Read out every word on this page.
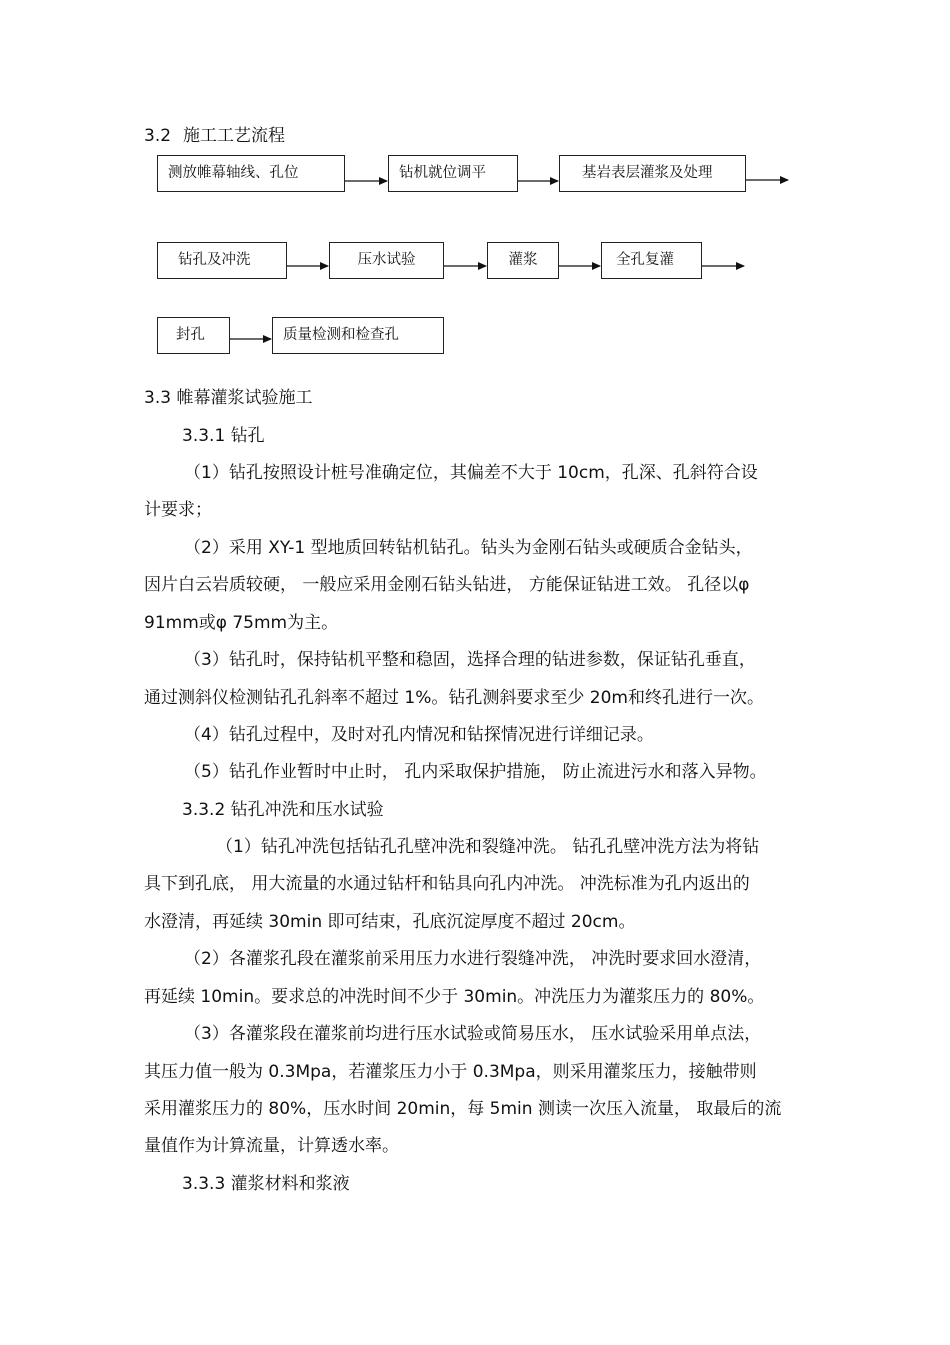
3.2 施工工艺流程
测放帷幕轴线、孔位	钻机就位调平	基岩表层灌浆及处理
钻孔及冲洗	压水试验	灌浆	全孔复灌
封孔	质量检测和检查孔
3.3 帷幕灌浆试验施工
3.3.1 钻孔
（1）钻孔按照设计桩号准确定位，其偏差不大于 10cm，孔深、孔斜符合设
计要求；
（2）采用 XY-1 型地质回转钻机钻孔。钻头为金刚石钻头或硬质合金钻头，
因片白云岩质较硬， 一般应采用金刚石钻头钻进， 方能保证钻进工效。 孔径以φ
91mm或φ 75mm为主。
（3）钻孔时，保持钻机平整和稳固，选择合理的钻进参数，保证钻孔垂直，
通过测斜仪检测钻孔孔斜率不超过 1%。钻孔测斜要求至少 20m和终孔进行一次。
（4）钻孔过程中，及时对孔内情况和钻探情况进行详细记录。
（5）钻孔作业暂时中止时， 孔内采取保护措施， 防止流进污水和落入异物。
3.3.2 钻孔冲洗和压水试验
（1）钻孔冲洗包括钻孔孔壁冲洗和裂缝冲洗。 钻孔孔壁冲洗方法为将钻
具下到孔底， 用大流量的水通过钻杆和钻具向孔内冲洗。 冲洗标准为孔内返出的
水澄清，再延续 30min 即可结束，孔底沉淀厚度不超过 20cm。
（2）各灌浆孔段在灌浆前采用压力水进行裂缝冲洗， 冲洗时要求回水澄清，
再延续 10min。要求总的冲洗时间不少于 30min。冲洗压力为灌浆压力的 80%。
（3）各灌浆段在灌浆前均进行压水试验或简易压水， 压水试验采用单点法，
其压力值一般为 0.3Mpa，若灌浆压力小于 0.3Mpa，则采用灌浆压力，接触带则
采用灌浆压力的 80%，压水时间 20min，每 5min 测读一次压入流量， 取最后的流
量值作为计算流量，计算透水率。
3.3.3 灌浆材料和浆液
